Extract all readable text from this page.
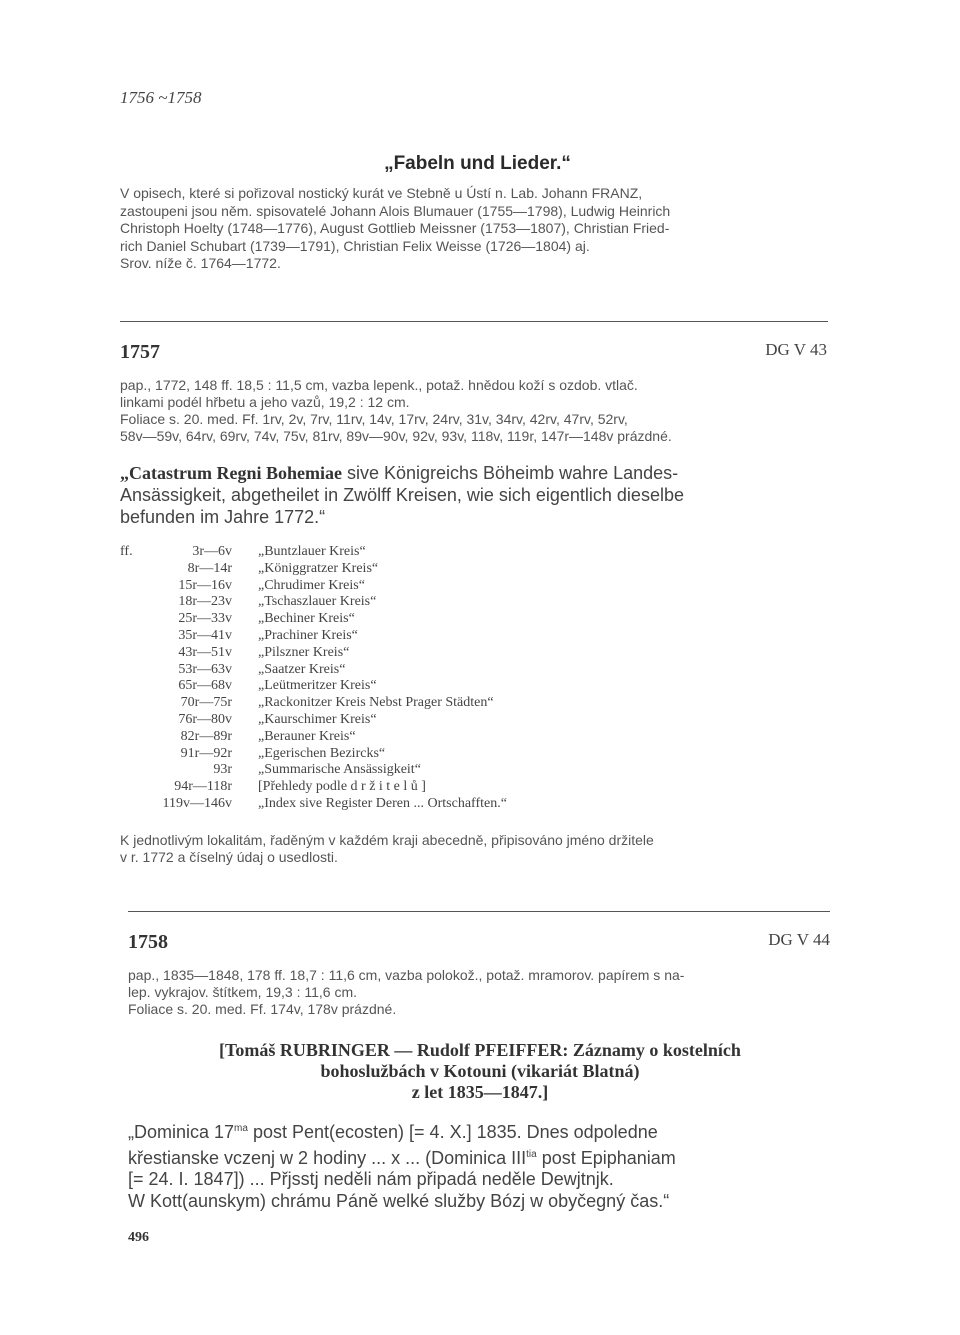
1756 ~1758
„Fabeln und Lieder.“

V opisech, které si pořizoval nostický kurát ve Stebně u Ústí n. Lab. Johann FRANZ,

zastoupeni jsou něm. spisovatelé Johann Alois Blumauer (1755—1798), Ludwig Heinrich

Christoph Hoelty (1748—1776), August Gottlieb Meissner (1753—1807), Christian Fried-

rich Daniel Schubart (1739—1791), Christian Felix Weisse (1726—1804) aj.

Srov. níže č. 1764—1772.

1757	DG V 43

pap., 1772, 148 ff. 18,5 : 11,5 cm, vazba lepenk., potaž. hnědou koží s ozdob. vtlač.

linkami podél hřbetu a jeho vazů, 19,2 : 12 cm.

Foliace s. 20. med. Ff. 1rv, 2v, 7rv, 11rv, 14v, 17rv, 24rv, 31v, 34rv, 42rv, 47rv, 52rv,

58v—59v, 64rv, 69rv, 74v, 75v, 81rv, 89v—90v, 92v, 93v, 118v, 119r, 147r—148v prázdné.

„Catastrum Regni Bohemiae sive Königreichs Böheimb wahre Landes-
Ansässigkeit, abgetheilet in Zwölff Kreisen, wie sich eigentlich dieselbe
befunden im Jahre 1772.“
ff.	3r—6v „Buntzlauer Kreis“
8r—14r „Königgratzer Kreis“
15r—16v „Chrudimer Kreis“
18r—23v „Tschaszlauer Kreis“
25r—33v „Bechiner Kreis“
35r—41v „Prachiner Kreis“
43r—51v „Pilszner Kreis“
53r—63v „Saatzer Kreis“
65r—68v „Leütmeritzer Kreis“
70r—75r „Rackonitzer Kreis Nebst Prager Städten“
76r—80v „Kaurschimer Kreis“
82r—89r „Berauner Kreis“
91r—92r „Egerischen Bezircks“
93r „Summarische Ansässigkeit“
94r—118r [Přehledy podle d r ž i t e l ů ]
119v—146v „Index sive Register Deren ... Ortschafften.“
K jednotlivým lokalitám, řaděným v každém kraji abecedně, připisováno jméno držitele
v r. 1772 a číselný údaj o usedlosti.
1758	DG V 44

pap., 1835—1848, 178 ff. 18,7 : 11,6 cm, vazba polokož., potaž. mramorov. papírem s na-

lep. vykrajov. štítkem, 19,3 : 11,6 cm.

Foliace s. 20. med. Ff. 174v, 178v prázdné.

[Tomáš RUBRINGER — Rudolf PFEIFFER: Záznamy o kostelních
bohoslužbách v Kotouni (vikariát Blatná)
z let 1835—1847.]

„Dominica $17^{ma}$ post Pent(ecosten) [= 4. X.] 1835. Dnes odpoledne

křestianske vczenj w 2 hodiny ... x ... (Dominica $III^{tia}$ post Epiphaniam

[= 24. I. 1847]) ... Přjsstj neděli nám připadá neděle Dewjtnjk.

W Kott(aunskym) chrámu Páně welké služby Bózj w obyčegný čas.“

496
